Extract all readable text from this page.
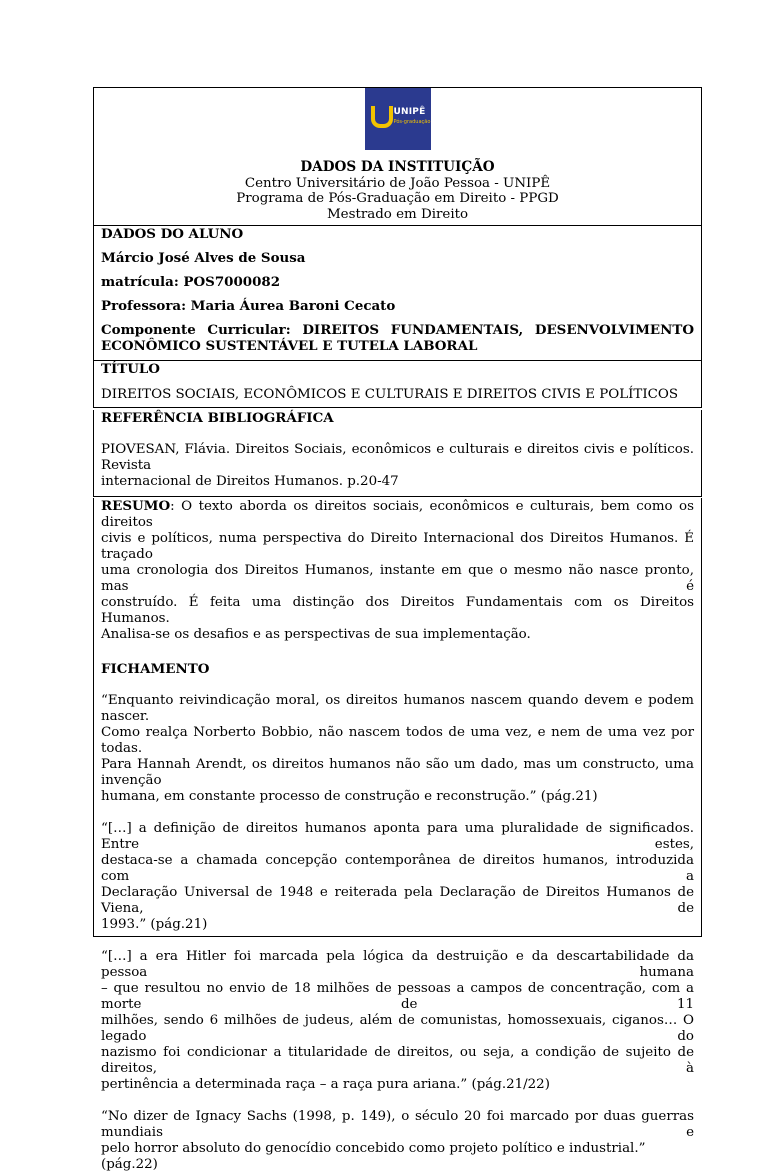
UNIPÊ
Pós-graduação
DADOS DA INSTITUIÇÃO
Centro Universitário de João Pessoa - UNIPÊ
Programa de Pós-Graduação em Direito - PPGD
Mestrado em Direito
DADOS DO ALUNO
Márcio José Alves de Sousa
matrícula: POS7000082
Professora: Maria Áurea Baroni Cecato
Componente Curricular: DIREITOS FUNDAMENTAIS, DESENVOLVIMENTO
ECONÔMICO SUSTENTÁVEL E TUTELA LABORAL
TÍTULO
DIREITOS SOCIAIS, ECONÔMICOS E CULTURAIS E DIREITOS CIVIS E POLÍTICOS
REFERÊNCIA BIBLIOGRÁFICA
PIOVESAN, Flávia. Direitos Sociais, econômicos e culturais e direitos civis e políticos. Revista
internacional de Direitos Humanos. p.20-47
RESUMO: O texto aborda os direitos sociais, econômicos e culturais, bem como os direitos
civis e políticos, numa perspectiva do Direito Internacional dos Direitos Humanos. É traçado
uma cronologia dos Direitos Humanos, instante em que o mesmo não nasce pronto, mas é
construído. É feita uma distinção dos Direitos Fundamentais com os Direitos Humanos.
Analisa-se os desafios e as perspectivas de sua implementação.
FICHAMENTO
“Enquanto reivindicação moral, os direitos humanos nascem quando devem e podem nascer.
Como realça Norberto Bobbio, não nascem todos de uma vez, e nem de uma vez por todas.
Para Hannah Arendt, os direitos humanos não são um dado, mas um constructo, uma invenção
humana, em constante processo de construção e reconstrução.” (pág.21)
“[…] a definição de direitos humanos aponta para uma pluralidade de significados. Entre estes,
destaca-se a chamada concepção contemporânea de direitos humanos, introduzida com a
Declaração Universal de 1948 e reiterada pela Declaração de Direitos Humanos de Viena, de
1993.” (pág.21)
“[…] a era Hitler foi marcada pela lógica da destruição e da descartabilidade da pessoa humana
– que resultou no envio de 18 milhões de pessoas a campos de concentração, com a morte de 11
milhões, sendo 6 milhões de judeus, além de comunistas, homossexuais, ciganos… O legado do
nazismo foi condicionar a titularidade de direitos, ou seja, a condição de sujeito de direitos, à
pertinência a determinada raça – a raça pura ariana.” (pág.21/22)
“No dizer de Ignacy Sachs (1998, p. 149), o século 20 foi marcado por duas guerras mundiais e
pelo horror absoluto do genocídio concebido como projeto político e industrial.” (pág.22)
